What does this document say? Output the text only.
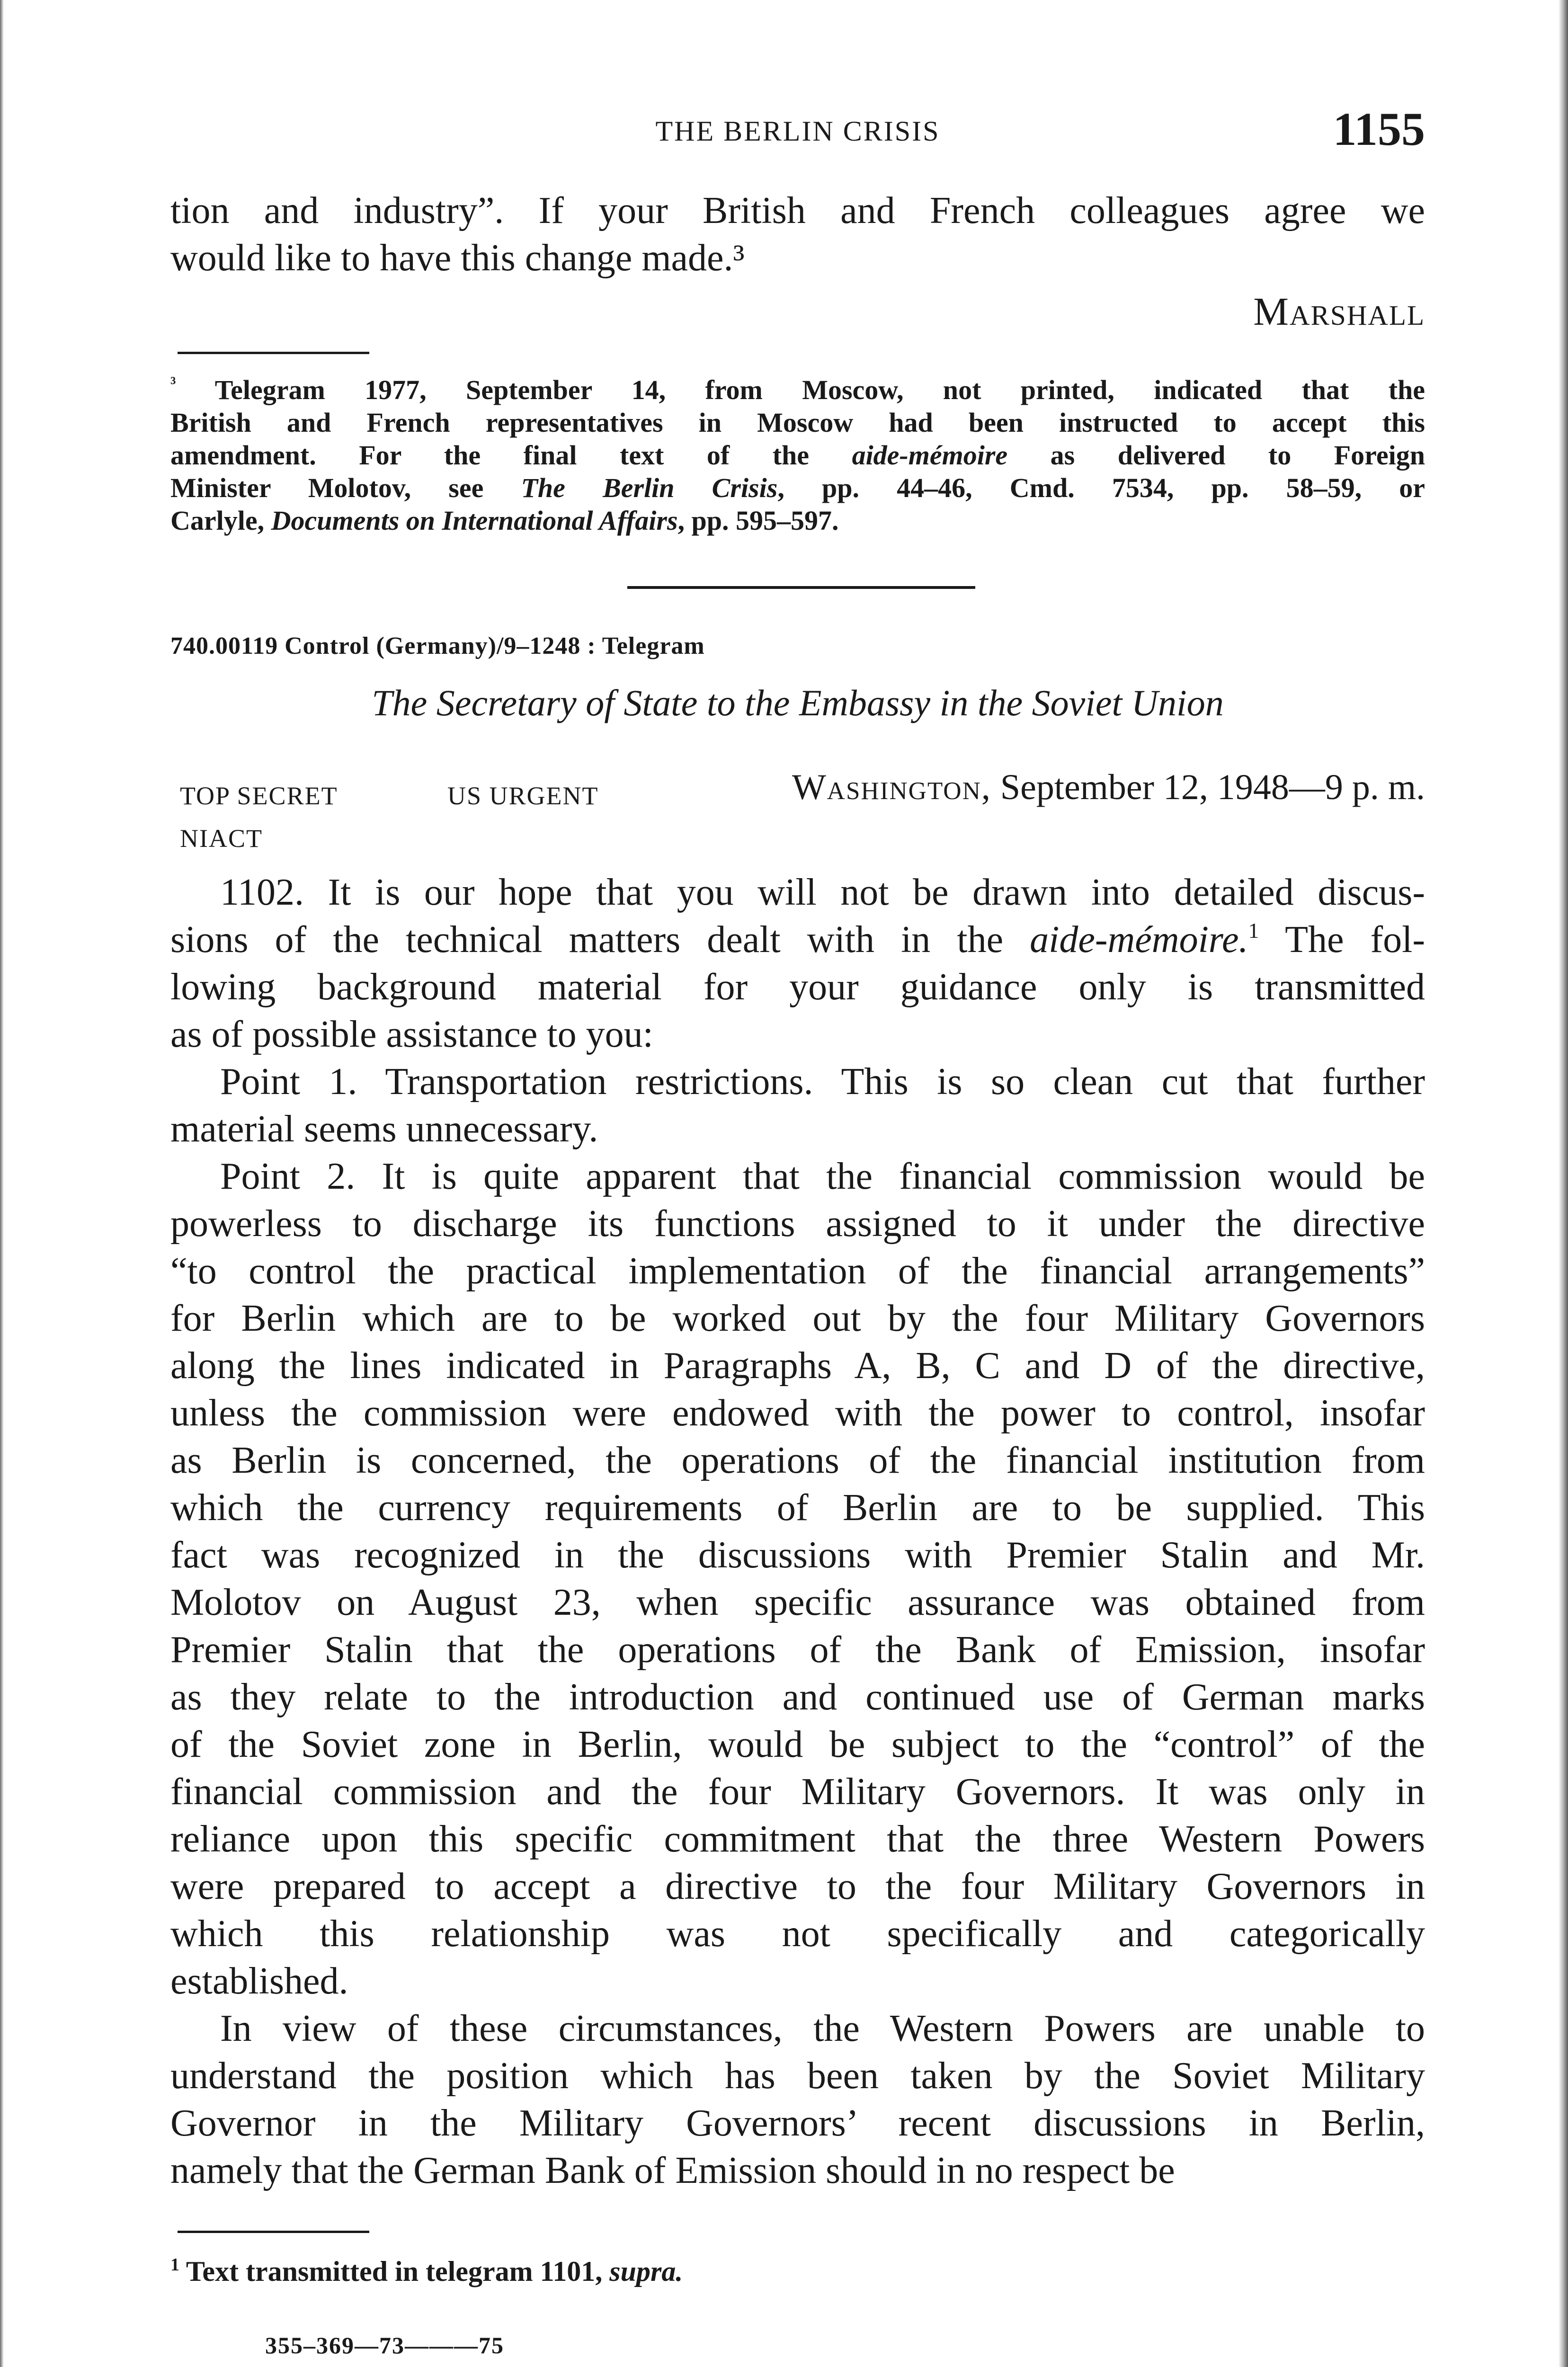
THE BERLIN CRISIS	1155
tion and industry”. If your British and French colleagues agree we
would like to have this change made.³
Marshall
$^{^3}$ Telegram 1977, September 14, from Moscow, not printed, indicated that the
British and French representatives in Moscow had been instructed to accept this
amendment. For the final text of the aide-mémoire as delivered to Foreign
Minister Molotov, see The Berlin Crisis, pp. 44–46, Cmd. 7534, pp. 58–59, or
Carlyle, Documents on International Affairs, pp. 595–597.
740.00119 Control (Germany)/9–1248 : Telegram
The Secretary of State to the Embassy in the Soviet Union
TOP SECRET	US URGENT	Washington, September 12, 1948—9 p. m.
NIACT
1102. It is our hope that you will not be drawn into detailed discus-
sions of the technical matters dealt with in the aide-mémoire.$^1$ The fol-
lowing background material for your guidance only is transmitted
as of possible assistance to you:
Point 1. Transportation restrictions. This is so clean cut that further
material seems unnecessary.
Point 2. It is quite apparent that the financial commission would be
powerless to discharge its functions assigned to it under the directive
“to control the practical implementation of the financial arrangements”
for Berlin which are to be worked out by the four Military Governors
along the lines indicated in Paragraphs A, B, C and D of the directive,
unless the commission were endowed with the power to control, insofar
as Berlin is concerned, the operations of the financial institution from
which the currency requirements of Berlin are to be supplied. This
fact was recognized in the discussions with Premier Stalin and Mr.
Molotov on August 23, when specific assurance was obtained from
Premier Stalin that the operations of the Bank of Emission, insofar
as they relate to the introduction and continued use of German marks
of the Soviet zone in Berlin, would be subject to the “control” of the
financial commission and the four Military Governors. It was only in
reliance upon this specific commitment that the three Western Powers
were prepared to accept a directive to the four Military Governors in
which this relationship was not specifically and categorically
established.
In view of these circumstances, the Western Powers are unable to
understand the position which has been taken by the Soviet Military
Governor in the Military Governors’ recent discussions in Berlin,
namely that the German Bank of Emission should in no respect be
$^1$ Text transmitted in telegram 1101, supra.
355–369—73———75
